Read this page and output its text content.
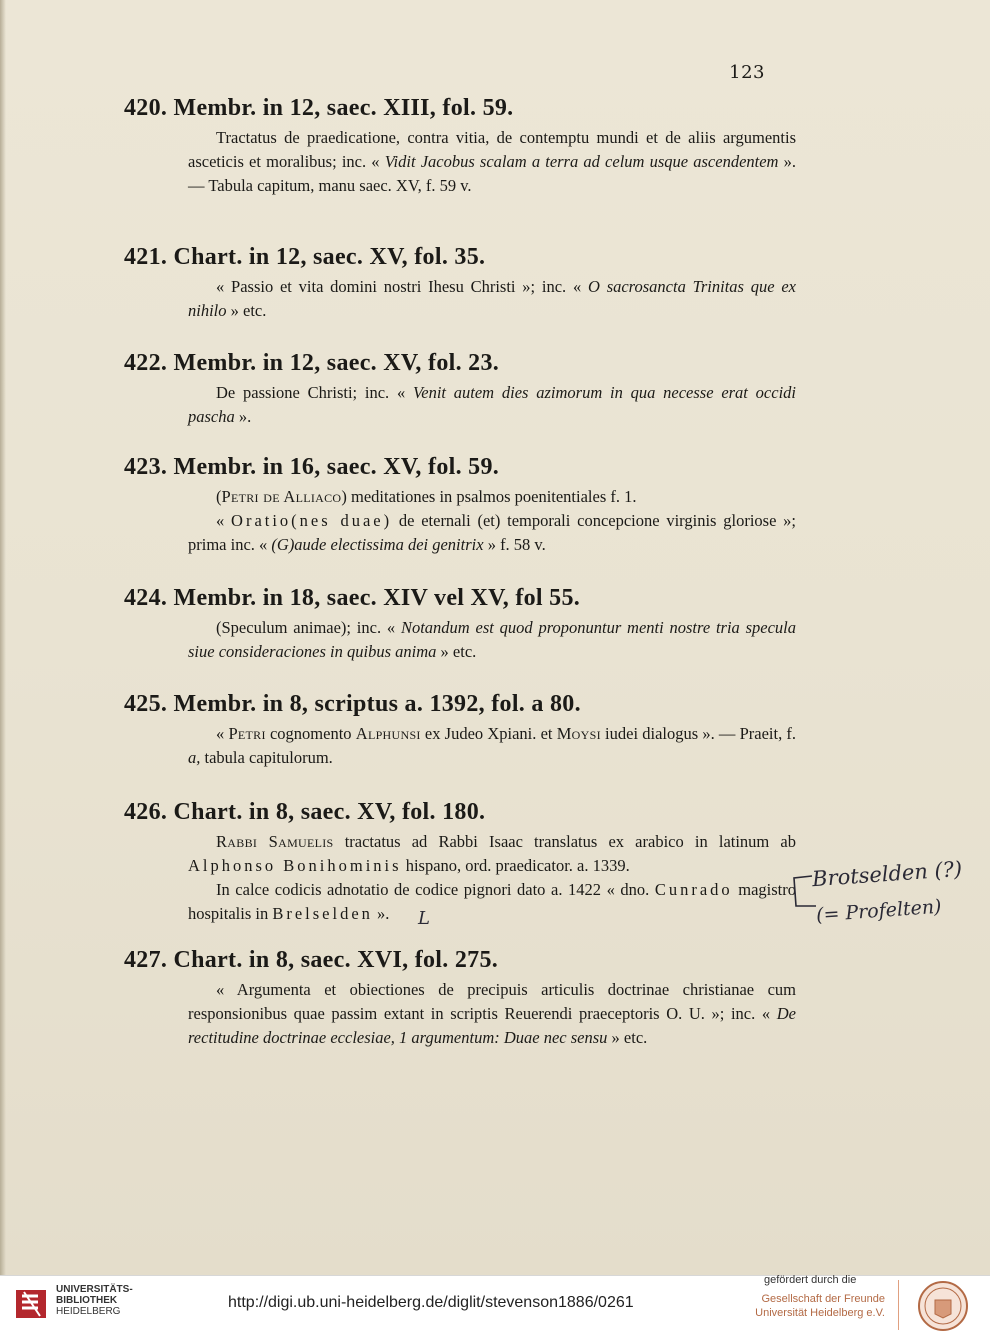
123
420. Membr. in 12, saec. XIII, fol. 59.

Tractatus de praedicatione, contra vitia, de contemptu mundi et de aliis argumentis asceticis et moralibus; inc. « Vidit Jacobus scalam a terra ad celum usque ascendentem ». — Tabula capitum, manu saec. XV, f. 59 v.

421. Chart. in 12, saec. XV, fol. 35.

« Passio et vita domini nostri Ihesu Christi »; inc. « O sacrosancta Trinitas que ex nihilo » etc.

422. Membr. in 12, saec. XV, fol. 23.

De passione Christi; inc. « Venit autem dies azimorum in qua necesse erat occidi pascha ».

423. Membr. in 16, saec. XV, fol. 59.

(Petri de Alliaco) meditationes in psalmos poenitentiales f. 1.

« Oratio(nes duae) de eternali (et) temporali concepcione virginis gloriose »; prima inc. « (G)aude electissima dei genitrix » f. 58 v.

424. Membr. in 18, saec. XIV vel XV, fol 55.

(Speculum animae); inc. « Notandum est quod proponuntur menti nostre tria specula siue consideraciones in quibus anima » etc.

425. Membr. in 8, scriptus a. 1392, fol. a 80.

« Petri cognomento Alphunsi ex Judeo Xpiani. et Moysi iudei dialogus ». — Praeit, f. a, tabula capitulorum.

426. Chart. in 8, saec. XV, fol. 180.

Rabbi Samuelis tractatus ad Rabbi Isaac translatus ex arabico in latinum ab Alphonso Bonihominis hispano, ord. praedicator. a. 1339.

In calce codicis adnotatio de codice pignori dato a. 1422 « dno. Cunrado magistro hospitalis in Brelselden ».

Brotselden (?)
(= Profelten)
L
427. Chart. in 8, saec. XVI, fol. 275.

« Argumenta et obiectiones de precipuis articulis doctrinae christianae cum responsionibus quae passim extant in scriptis Reuerendi praeceptoris O. U. »; inc. « De rectitudine doctrinae ecclesiae, 1 argumentum: Duae nec sensu » etc.

UNIVERSITÄTS-
BIBLIOTHEK
HEIDELBERG
http://digi.ub.uni-heidelberg.de/diglit/stevenson1886/0261
gefördert durch die
Gesellschaft der Freunde
Universität Heidelberg e.V.
